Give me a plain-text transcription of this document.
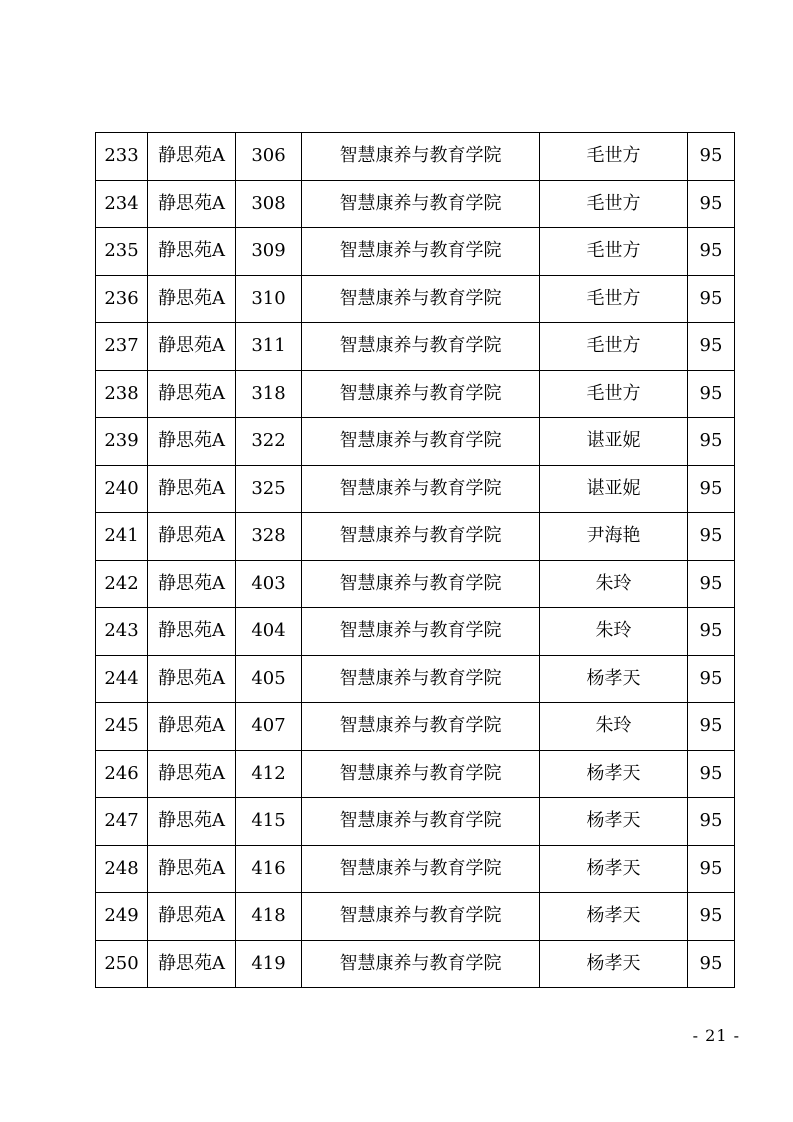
233	静思苑A	306	智慧康养与教育学院	毛世方	95
234	静思苑A	308	智慧康养与教育学院	毛世方	95
235	静思苑A	309	智慧康养与教育学院	毛世方	95
236	静思苑A	310	智慧康养与教育学院	毛世方	95
237	静思苑A	311	智慧康养与教育学院	毛世方	95
238	静思苑A	318	智慧康养与教育学院	毛世方	95
239	静思苑A	322	智慧康养与教育学院	谌亚妮	95
240	静思苑A	325	智慧康养与教育学院	谌亚妮	95
241	静思苑A	328	智慧康养与教育学院	尹海艳	95
242	静思苑A	403	智慧康养与教育学院	朱玲	95
243	静思苑A	404	智慧康养与教育学院	朱玲	95
244	静思苑A	405	智慧康养与教育学院	杨孝天	95
245	静思苑A	407	智慧康养与教育学院	朱玲	95
246	静思苑A	412	智慧康养与教育学院	杨孝天	95
247	静思苑A	415	智慧康养与教育学院	杨孝天	95
248	静思苑A	416	智慧康养与教育学院	杨孝天	95
249	静思苑A	418	智慧康养与教育学院	杨孝天	95
250	静思苑A	419	智慧康养与教育学院	杨孝天	95
- 21 -
